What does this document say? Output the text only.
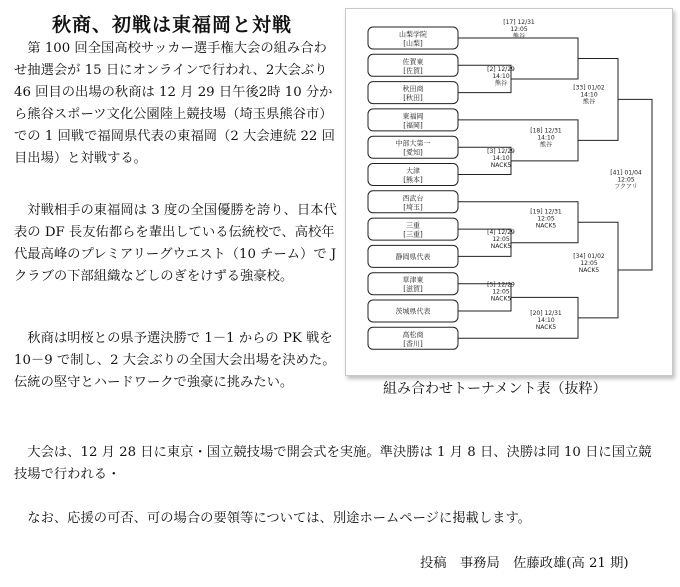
秋商、初戦は東福岡と対戦
　第 100 回全国高校サッカー選手権大会の組み合わせ抽選会が 15 日にオンラインで行われ、2大会ぶり 46 回目の出場の秋商は 12 月 29 日午後2時 10 分から熊谷スポーツ文化公園陸上競技場（埼玉県熊谷市）での 1 回戦で福岡県代表の東福岡（2 大会連続 22 回目出場）と対戦する。
　対戦相手の東福岡は 3 度の全国優勝を誇り、日本代表の DF 長友佑都らを輩出している伝統校で、高校年代最高峰のプレミアリーグウエスト（10 チーム）で J クラブの下部組織などしのぎをけずる強豪校。
　秋商は明桜との県予選決勝で 1－1 からの PK 戦を 10－9 で制し、2 大会ぶりの全国大会出場を決めた。伝統の堅守とハードワークで強豪に挑みたい。
　大会は、12 月 28 日に東京・国立競技場で開会式を実施。準決勝は 1 月 8 日、決勝は同 10 日に国立競技場で行われる・
　なお、応援の可否、可の場合の要領等については、別途ホームページに掲載します。
投稿　事務局　佐藤政雄(高 21 期)
山梨学院
[山梨]
佐賀東
[佐賀]
秋田商
[秋田]
東福岡
[福岡]
中部大第一
[愛知]
大津
[熊本]
西武台
[埼玉]
三重
[三重]
静岡県代表
草津東
[滋賀]
茨城県代表
高松商
[香川]
[17] 12/31
12:05
熊谷
[2] 12/29
14:10
熊谷
[18] 12/31
14:10
熊谷
[3] 12/29
14:10
NACK5
[33] 01/02
14:10
熊谷
[4] 12/29
12:05
NACK5
[19] 12/31
12:05
NACK5
[5] 12/29
12:05
NACK5
[41] 01/04
12:05
フクアリ
[34] 01/02
12:05
NACK5
[20] 12/31
14:10
NACK5
組み合わせトーナメント表（抜粋）
